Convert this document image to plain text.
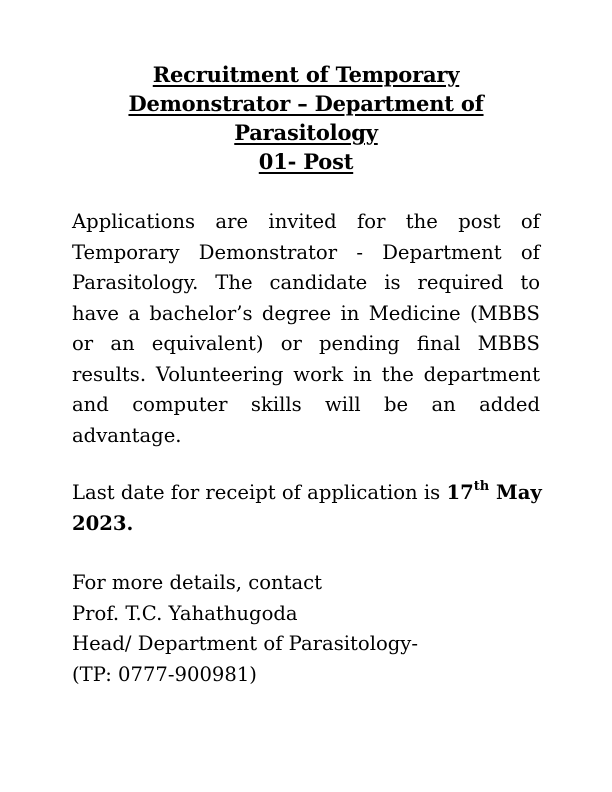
Recruitment of Temporary
Demonstrator – Department of
Parasitology
01- Post
Applications are invited for the post of
Temporary Demonstrator - Department of
Parasitology. The candidate is required to
have a bachelor’s degree in Medicine (MBBS
or an equivalent) or pending final MBBS
results. Volunteering work in the department
and computer skills will be an added
advantage.
Last date for receipt of application is 17th May
2023.
For more details, contact
Prof. T.C. Yahathugoda
Head/ Department of Parasitology-
(TP: 0777-900981)
